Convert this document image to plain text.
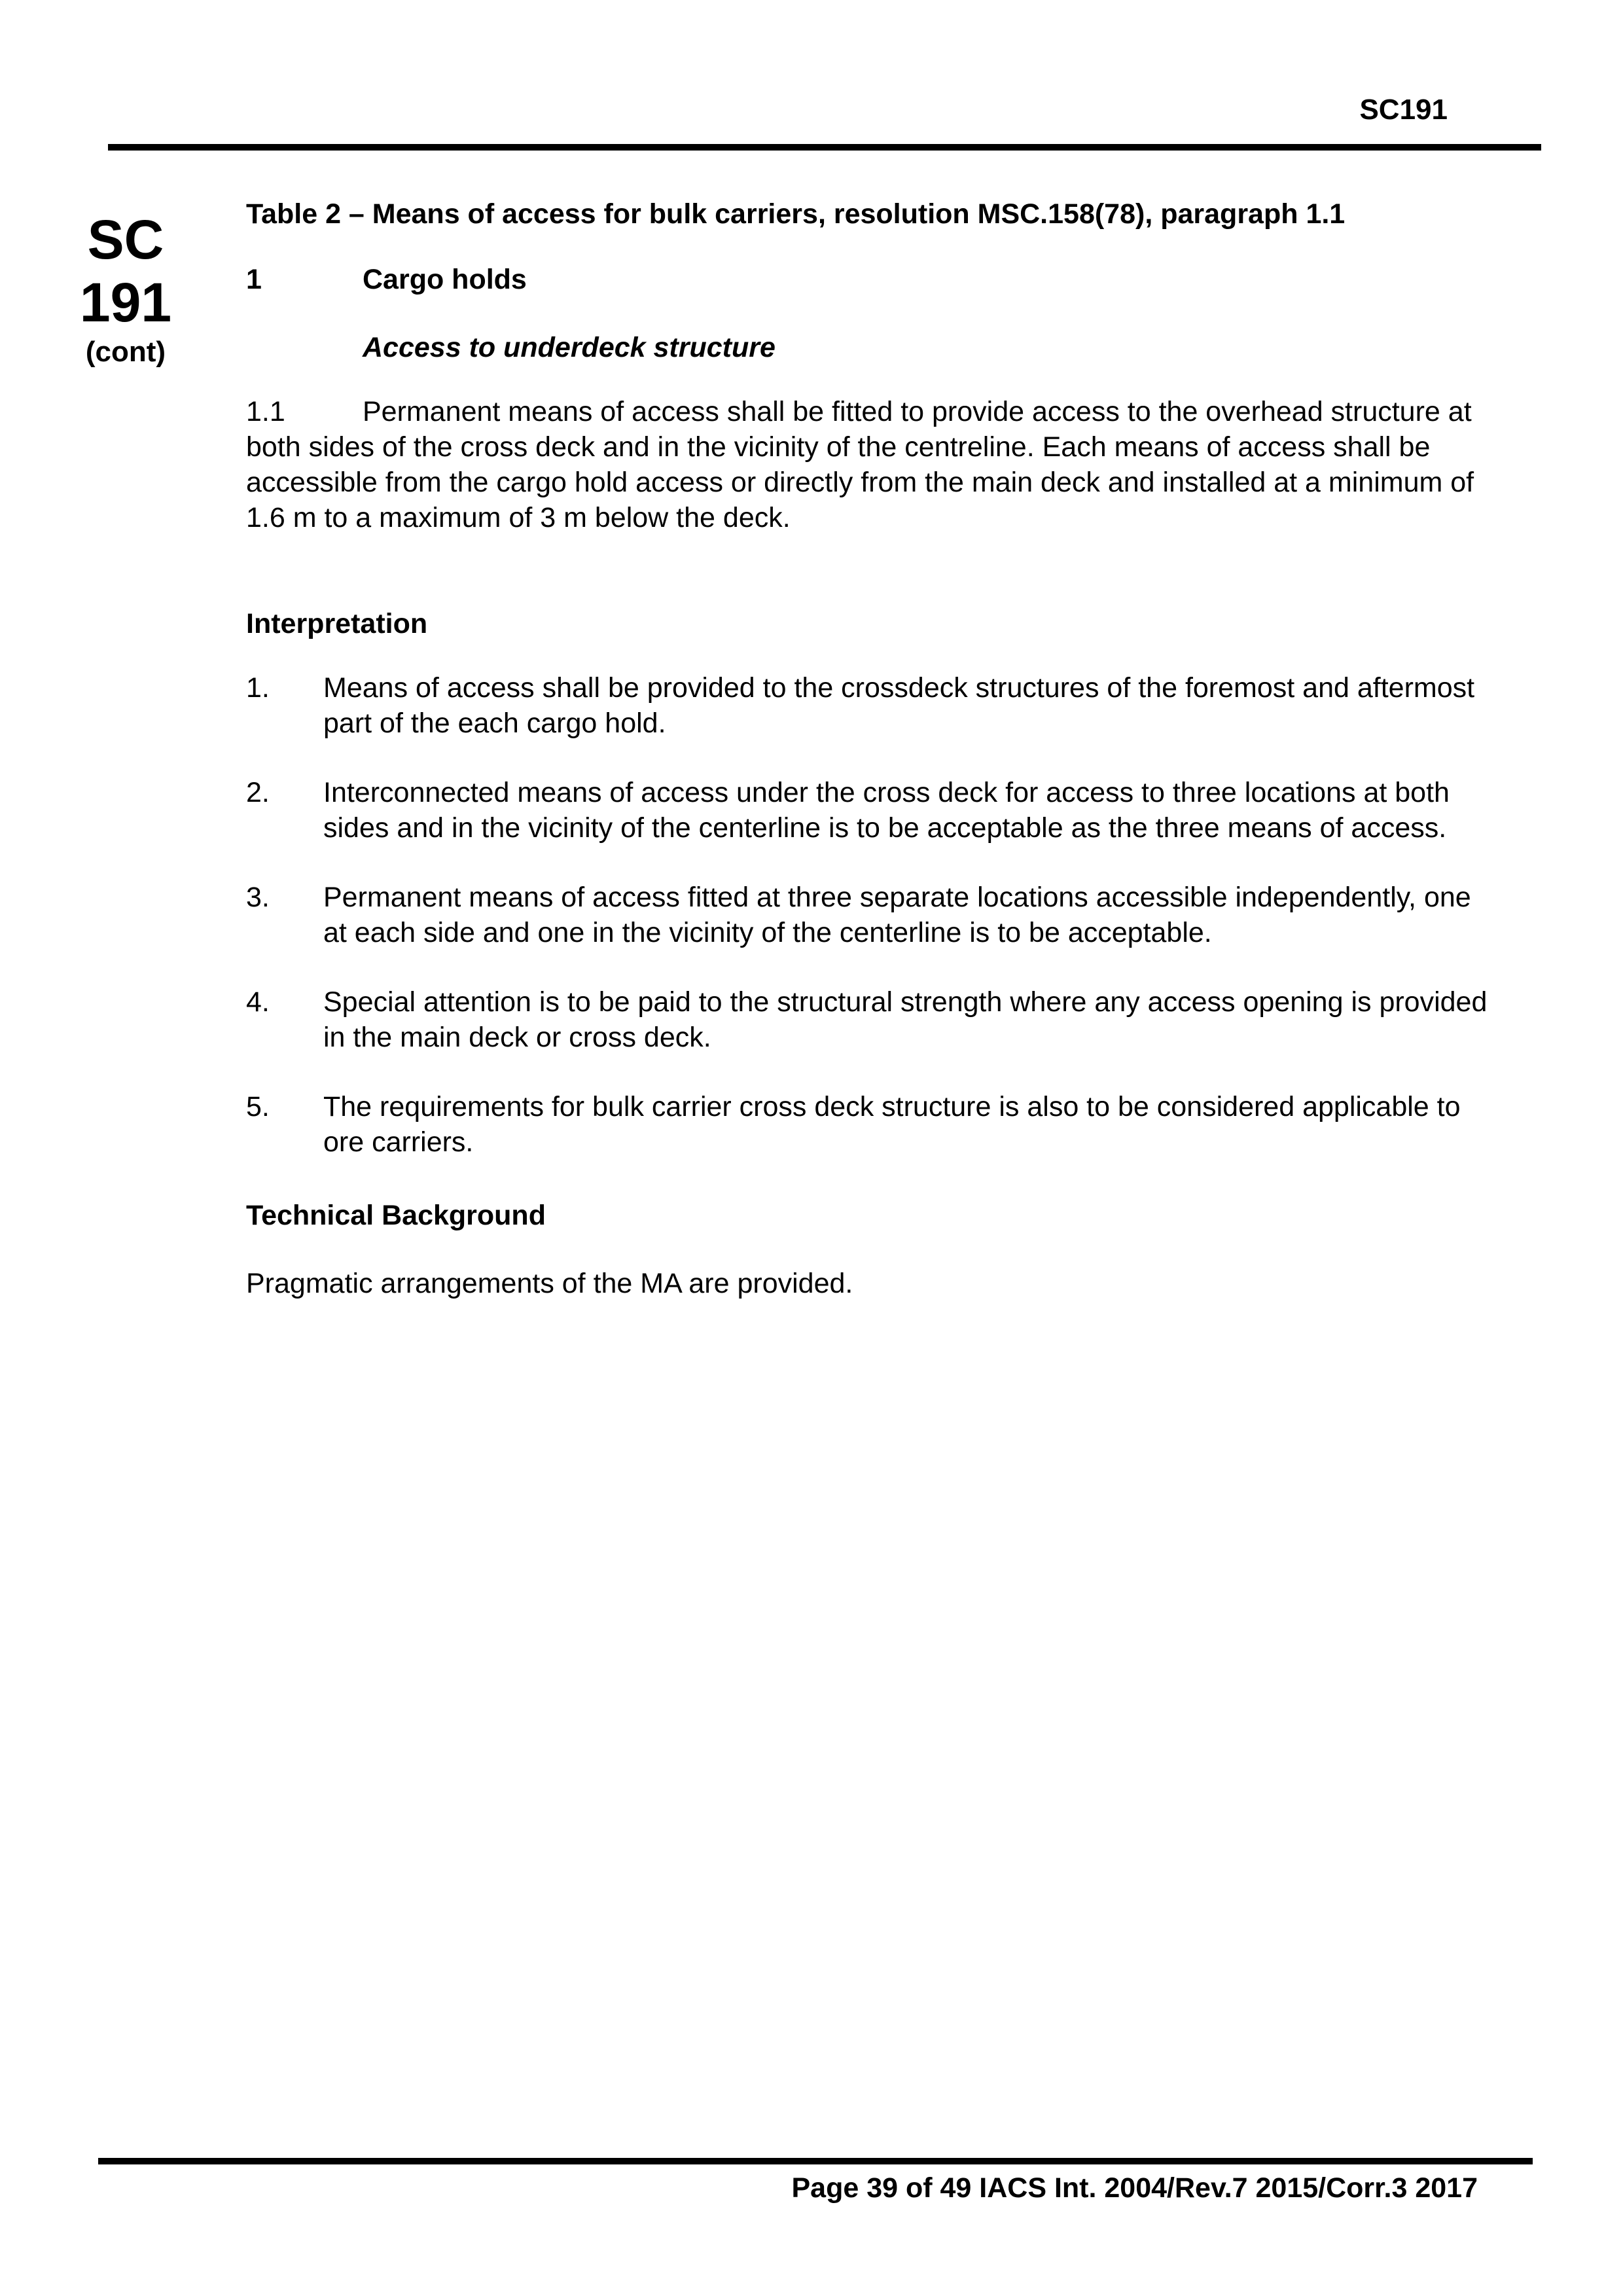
SC191
SC
191
(cont)

Table 2 – Means of access for bulk carriers, resolution MSC.158(78), paragraph 1.1

1	Cargo holds
Access to underdeck structure
1.1	Permanent means of access shall be fitted to provide access to the overhead structure at both sides of the cross deck and in the vicinity of the centreline. Each means of access shall be accessible from the cargo hold access or directly from the main deck and installed at a minimum of 1.6 m to a maximum of 3 m below the deck.
Interpretation
1.	Means of access shall be provided to the crossdeck structures of the foremost and aftermost part of the each cargo hold.
2.	Interconnected means of access under the cross deck for access to three locations at both sides and in the vicinity of the centerline is to be acceptable as the three means of access.
3.	Permanent means of access fitted at three separate locations accessible independently, one at each side and one in the vicinity of the centerline is to be acceptable.
4.	Special attention is to be paid to the structural strength where any access opening is provided in the main deck or cross deck.
5.	The requirements for bulk carrier cross deck structure is also to be considered applicable to ore carriers.
Technical Background
Pragmatic arrangements of the MA are provided.
Page 39 of 49 IACS Int. 2004/Rev.7 2015/Corr.3 2017
